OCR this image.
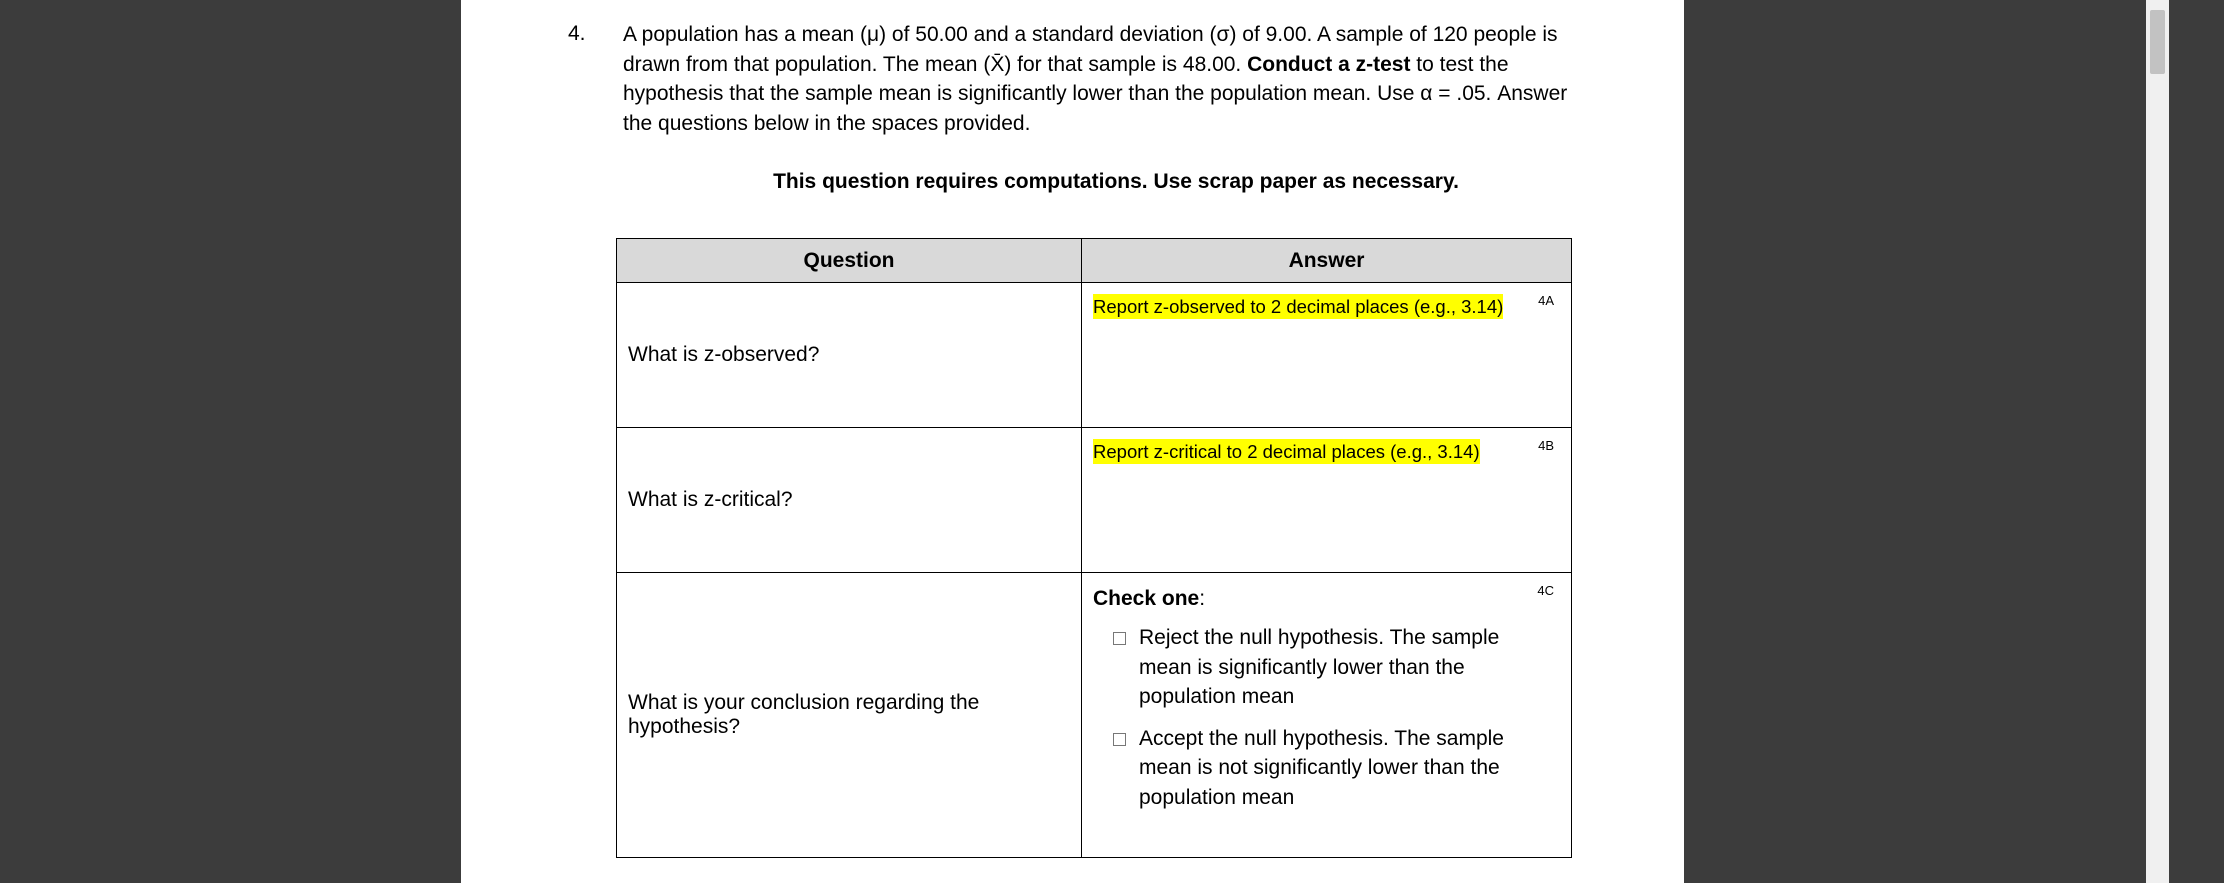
4. A population has a mean (μ) of 50.00 and a standard deviation (σ) of 9.00. A sample of 120 people is drawn from that population. The mean (X̄) for that sample is 48.00. Conduct a z-test to test the hypothesis that the sample mean is significantly lower than the population mean. Use α = .05. Answer the questions below in the spaces provided.
This question requires computations. Use scrap paper as necessary.
Question	Answer
What is z-observed?	Report z-observed to 2 decimal places (e.g., 3.14) 4A

What is z-critical?	Report z-critical to 2 decimal places (e.g., 3.14) 4B

What is your conclusion regarding the hypothesis?	4C
Check one:
Reject the null hypothesis. The sample mean is significantly lower than the population mean
Accept the null hypothesis. The sample mean is not significantly lower than the population mean
